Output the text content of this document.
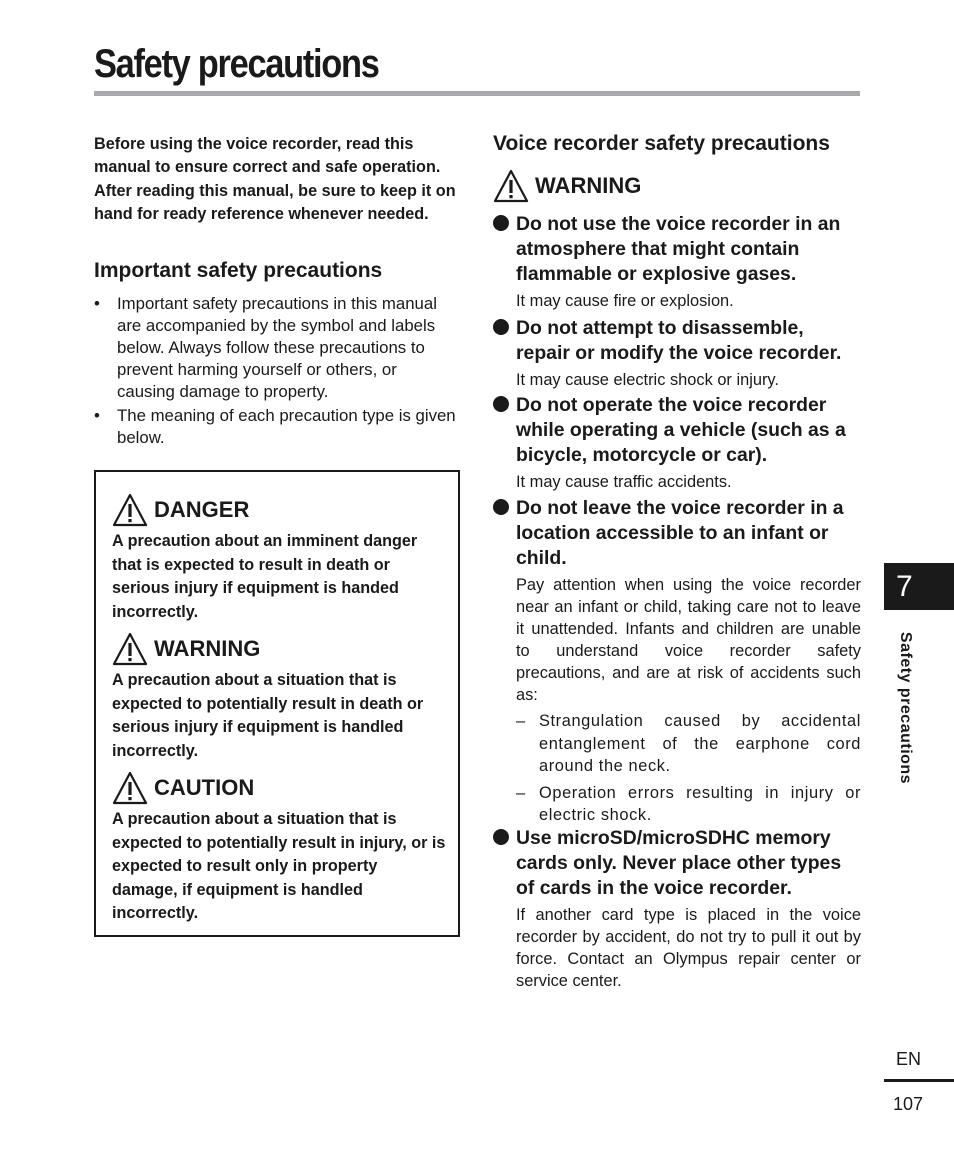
Safety precautions

Before using the voice recorder, read this manual to ensure correct and safe operation. After reading this manual, be sure to keep it on hand for ready reference whenever needed.

Important safety precautions
• Important safety precautions in this manual are accompanied by the symbol and labels below. Always follow these precautions to prevent harming yourself or others, or causing damage to property.
• The meaning of each precaution type is given below.
DANGER

A precaution about an imminent danger that is expected to result in death or serious injury if equipment is handed incorrectly.

WARNING

A precaution about a situation that is expected to potentially result in death or serious injury if equipment is handled incorrectly.

CAUTION

A precaution about a situation that is expected to potentially result in injury, or is expected to result only in property damage, if equipment is handled incorrectly.

Voice recorder safety precautions
WARNING

Do not use the voice recorder in an atmosphere that might contain flammable or explosive gases.

It may cause fire or explosion.

Do not attempt to disassemble, repair or modify the voice recorder.

It may cause electric shock or injury.

Do not operate the voice recorder while operating a vehicle (such as a bicycle, motorcycle or car).

It may cause traffic accidents.

Do not leave the voice recorder in a location accessible to an infant or child.

Pay attention when using the voice recorder near an infant or child, taking care not to leave it unattended. Infants and children are unable to understand voice recorder safety precautions, and are at risk of accidents such as:

– Strangulation caused by accidental entanglement of the earphone cord around the neck.
– Operation errors resulting in injury or electric shock.

Use microSD/microSDHC memory cards only. Never place other types of cards in the voice recorder.

If another card type is placed in the voice recorder by accident, do not try to pull it out by force. Contact an Olympus repair center or service center.

7
Safety precautions
EN
107
